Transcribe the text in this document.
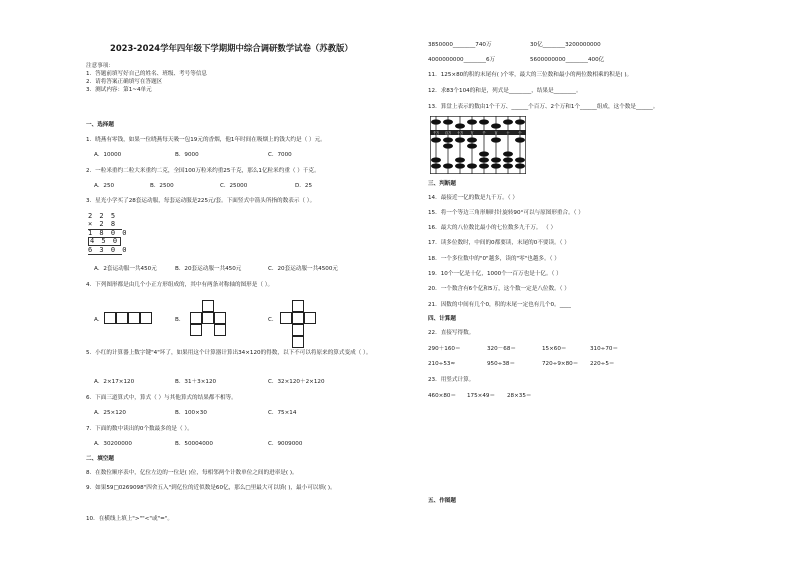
2023-2024学年四年级下学期期中综合调研数学试卷（苏教版）
注意事项：
1．答题前填写好自己的姓名、班级、考号等信息
2．请将答案正确填写在答题区
3．测试内容：第1~4单元
一、选择题
1．晓燕有零钱，如果一位晓燕每天吸一包19元的香烟，他1年时间在吸烟上的钱大约是（ ）元。
A．10000	B．9000	C．7000
2．一粒米重约二粒大米重约二克，全国100万粒米约重25千克，那么1亿粒米约重（ ）千克。
A．250	B．2500	C．25000	D．25
3．星光小学买了28套运动服，每套运动服是225元/套。下面竖式中箭头所指的数表示（ ）。
2 2 5
× 2 8
1 8 0 0
4 5 0
6 3 0 0
A．2套运动服一共450元	B．20套运动服一共450元	C．20套运动服一共4500元
4．下列图形都是由几个小正方形组成的，其中有两条对称轴的图形是（ ）。
A．	B．	C．
5．小红的计算器上数字键"4"坏了，如果用这个计算器计算出34×120的得数，以下不可以将原来的算式变成（ ）。
A．2×17×120	B．31＋3×120	C．32×120＋2×120
6．下面三道算式中，算式（ ）与其他算式的结果都不相等。
A．25×120	B．100×30	C．75×14
7．下面的数中读出的0个数最多的是（ ）。
A．30200000	B．50004000	C．9009000
二、填空题
8．在数位顺序表中，亿位左边的一位是( )位，每相邻两个计数单位之间的进率是( )。
9．如果59□0269098"四舍五入"到亿位的近似数是60亿，那么□里最大可以填( )，最小可以填( )。
10．在横线上填上">""<"或"="。
3850000________740万	30亿________3200000000
4000000000________6万	5600000000________400亿
11．125×80的积的末尾有( )个零，最大的三位数和最小的两位数相乘的积是( )。
12．求83个104的和是，列式是________，结果是________。
13．算盘上表示的数由1个千万、______个百万、2个万和1个______组成，这个数是______。
千万 百万 十万 万	千	百	十	个
三、判断题
14．最接近一亿的数是九千万。（ ）
15．将一个等边三角形顺时针旋转90°可以与原图形重合。（ ）
16．最大的八位数比最小的七位数多九千万。 （ ）
17．读多位数时，中间的0都要读，末尾的0不要读。（ ）
18．一个多位数中的"0"越多，读的"零"也越多。（ ）
19．10个一亿是十亿，1000个一百万也是十亿。（ ）
20．一个数含有6个亿和5万，这个数一定是八位数。（ ）
21．因数的中间有几个0，积的末尾一定也有几个0。____
四、计算题
22．直接写得数。
290＋160＝	320－68＝	15×60＝	310÷70＝
210÷53≈	950÷38＝	720÷9×80＝ 220÷5＝
23．用竖式计算。
460×80＝ 175×49＝ 28×35＝
五、作图题
